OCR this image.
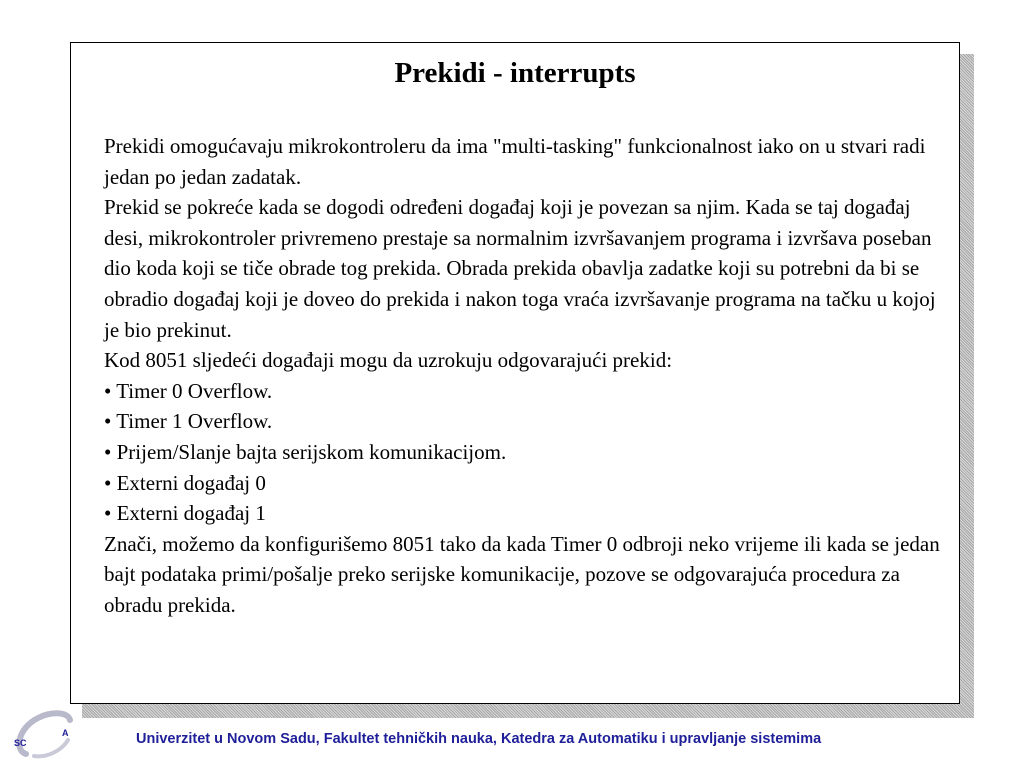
Prekidi - interrupts

Prekidi omogućavaju mikrokontroleru da ima "multi-tasking" funkcionalnost iako on u stvari radi jedan po jedan zadatak.

Prekid se pokreće kada se dogodi određeni događaj koji je povezan sa njim. Kada se taj događaj desi, mikrokontroler privremeno prestaje sa normalnim izvršavanjem programa i izvršava poseban dio koda koji se tiče obrade tog prekida. Obrada prekida obavlja zadatke koji su potrebni da bi se obradio događaj koji je doveo do prekida i nakon toga vraća izvršavanje programa na tačku u kojoj je bio prekinut.

Kod 8051 sljedeći događaji mogu da uzrokuju odgovarajući prekid:

• Timer 0 Overflow.

• Timer 1 Overflow.

• Prijem/Slanje bajta serijskom komunikacijom.

• Externi događaj 0

• Externi događaj 1

Znači, možemo da konfigurišemo 8051 tako da kada Timer 0 odbroji neko vrijeme ili kada se jedan bajt podataka primi/pošalje preko serijske komunikacije, pozove se odgovarajuća procedura za obradu prekida.

SC
A	Univerzitet u Novom Sadu, Fakultet tehničkih nauka, Katedra za Automatiku i upravljanje sistemima
